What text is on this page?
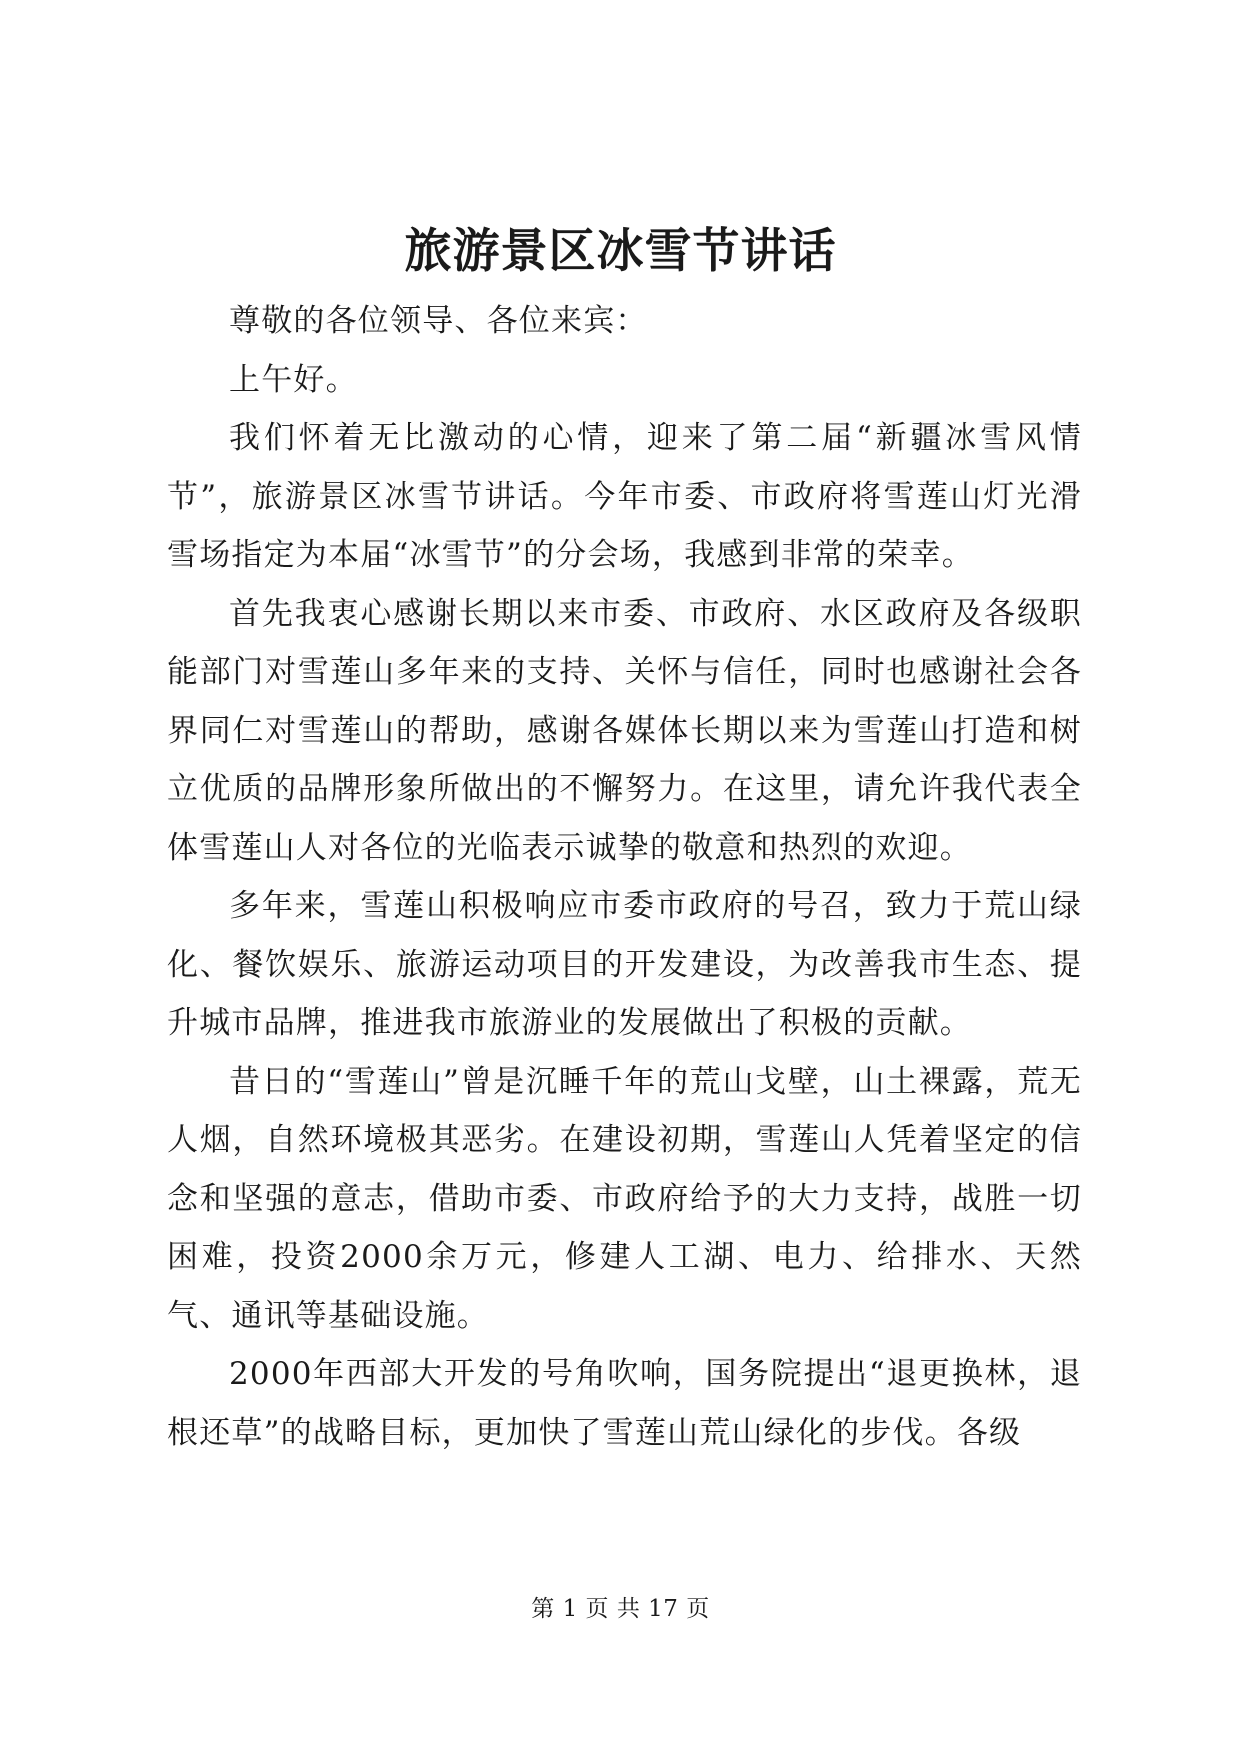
旅游景区冰雪节讲话

尊敬的各位领导、各位来宾：

上午好。

我们怀着无比激动的心情，迎来了第二届“新疆冰雪风情节”，旅游景区冰雪节讲话。今年市委、市政府将雪莲山灯光滑雪场指定为本届“冰雪节”的分会场，我感到非常的荣幸。

首先我衷心感谢长期以来市委、市政府、水区政府及各级职能部门对雪莲山多年来的支持、关怀与信任，同时也感谢社会各界同仁对雪莲山的帮助，感谢各媒体长期以来为雪莲山打造和树立优质的品牌形象所做出的不懈努力。在这里，请允许我代表全体雪莲山人对各位的光临表示诚挚的敬意和热烈的欢迎。

多年来，雪莲山积极响应市委市政府的号召，致力于荒山绿化、餐饮娱乐、旅游运动项目的开发建设，为改善我市生态、提升城市品牌，推进我市旅游业的发展做出了积极的贡献。

昔日的“雪莲山”曾是沉睡千年的荒山戈壁，山土裸露，荒无人烟，自然环境极其恶劣。在建设初期，雪莲山人凭着坚定的信念和坚强的意志，借助市委、市政府给予的大力支持，战胜一切困难，投资2000余万元，修建人工湖、电力、给排水、天然气、通讯等基础设施。

2000年西部大开发的号角吹响，国务院提出“退更换林，退根还草”的战略目标，更加快了雪莲山荒山绿化的步伐。各级

第 1 页 共 17 页
